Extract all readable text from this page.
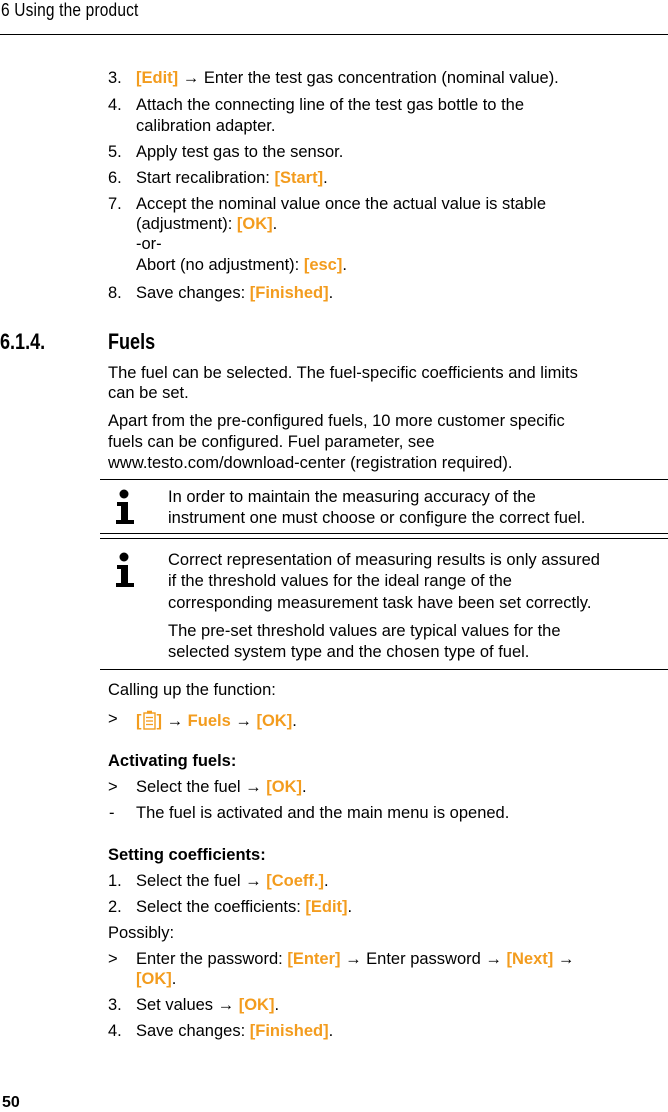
6 Using the product
3. [Edit] → Enter the test gas concentration (nominal value).
4. Attach the connecting line of the test gas bottle to the
calibration adapter.
5. Apply test gas to the sensor.
6. Start recalibration: [Start].
7. Accept the nominal value once the actual value is stable
(adjustment): [OK].
-or-
Abort (no adjustment): [esc].
8. Save changes: [Finished].
6.1.4.	Fuels
The fuel can be selected. The fuel-specific coefficients and limits
can be set.
Apart from the pre-configured fuels, 10 more customer specific
fuels can be configured. Fuel parameter, see
www.testo.com/download-center (registration required).
In order to maintain the measuring accuracy of the
instrument one must choose or configure the correct fuel.
Correct representation of measuring results is only assured
if the threshold values for the ideal range of the
corresponding measurement task have been set correctly.
The pre-set threshold values are typical values for the
selected system type and the chosen type of fuel.
Calling up the function:
> [ ] → Fuels → [OK] .
Activating fuels:
> Select the fuel → [OK].
- The fuel is activated and the main menu is opened.
Setting coefficients:
1. Select the fuel → [Coeff.].
2. Select the coefficients: [Edit].
Possibly:
> Enter the password: [Enter] → Enter password → [Next] →
[OK].
3. Set values → [OK].
4. Save changes: [Finished].
50
